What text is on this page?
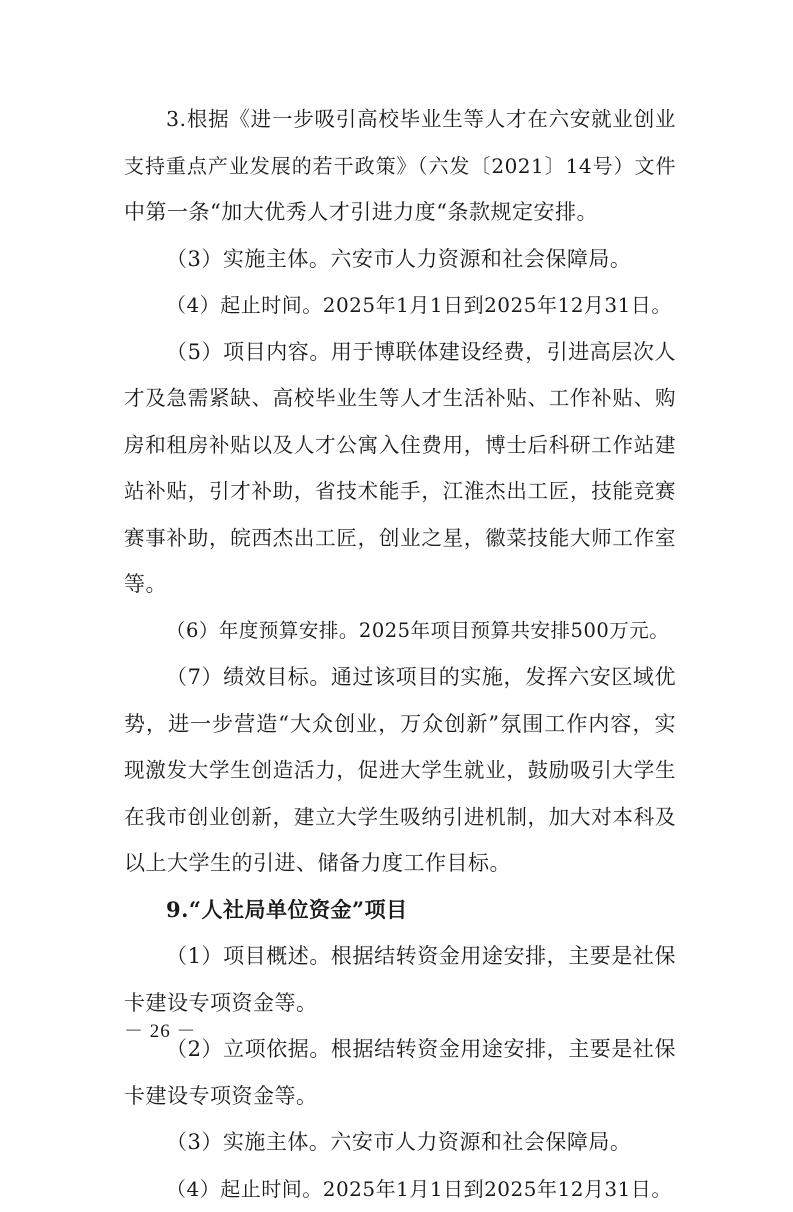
3.根据《进一步吸引高校毕业生等人才在六安就业创业
支持重点产业发展的若干政策》（六发〔2021〕14号）文件
中第一条“加大优秀人才引进力度“条款规定安排。
（3）实施主体。六安市人力资源和社会保障局。
（4）起止时间。2025年1月1日到2025年12月31日。
（5）项目内容。用于博联体建设经费，引进高层次人
才及急需紧缺、高校毕业生等人才生活补贴、工作补贴、购
房和租房补贴以及人才公寓入住费用，博士后科研工作站建
站补贴，引才补助，省技术能手，江淮杰出工匠，技能竞赛
赛事补助，皖西杰出工匠，创业之星，徽菜技能大师工作室
等。
（6）年度预算安排。2025年项目预算共安排500万元。
（7）绩效目标。通过该项目的实施，发挥六安区域优
势，进一步营造“大众创业，万众创新”氛围工作内容，实
现激发大学生创造活力，促进大学生就业，鼓励吸引大学生
在我市创业创新，建立大学生吸纳引进机制，加大对本科及
以上大学生的引进、储备力度工作目标。
9.“人社局单位资金”项目
（1）项目概述。根据结转资金用途安排，主要是社保
卡建设专项资金等。
（2）立项依据。根据结转资金用途安排，主要是社保
卡建设专项资金等。
（3）实施主体。六安市人力资源和社会保障局。
（4）起止时间。2025年1月1日到2025年12月31日。
－ 26 －
